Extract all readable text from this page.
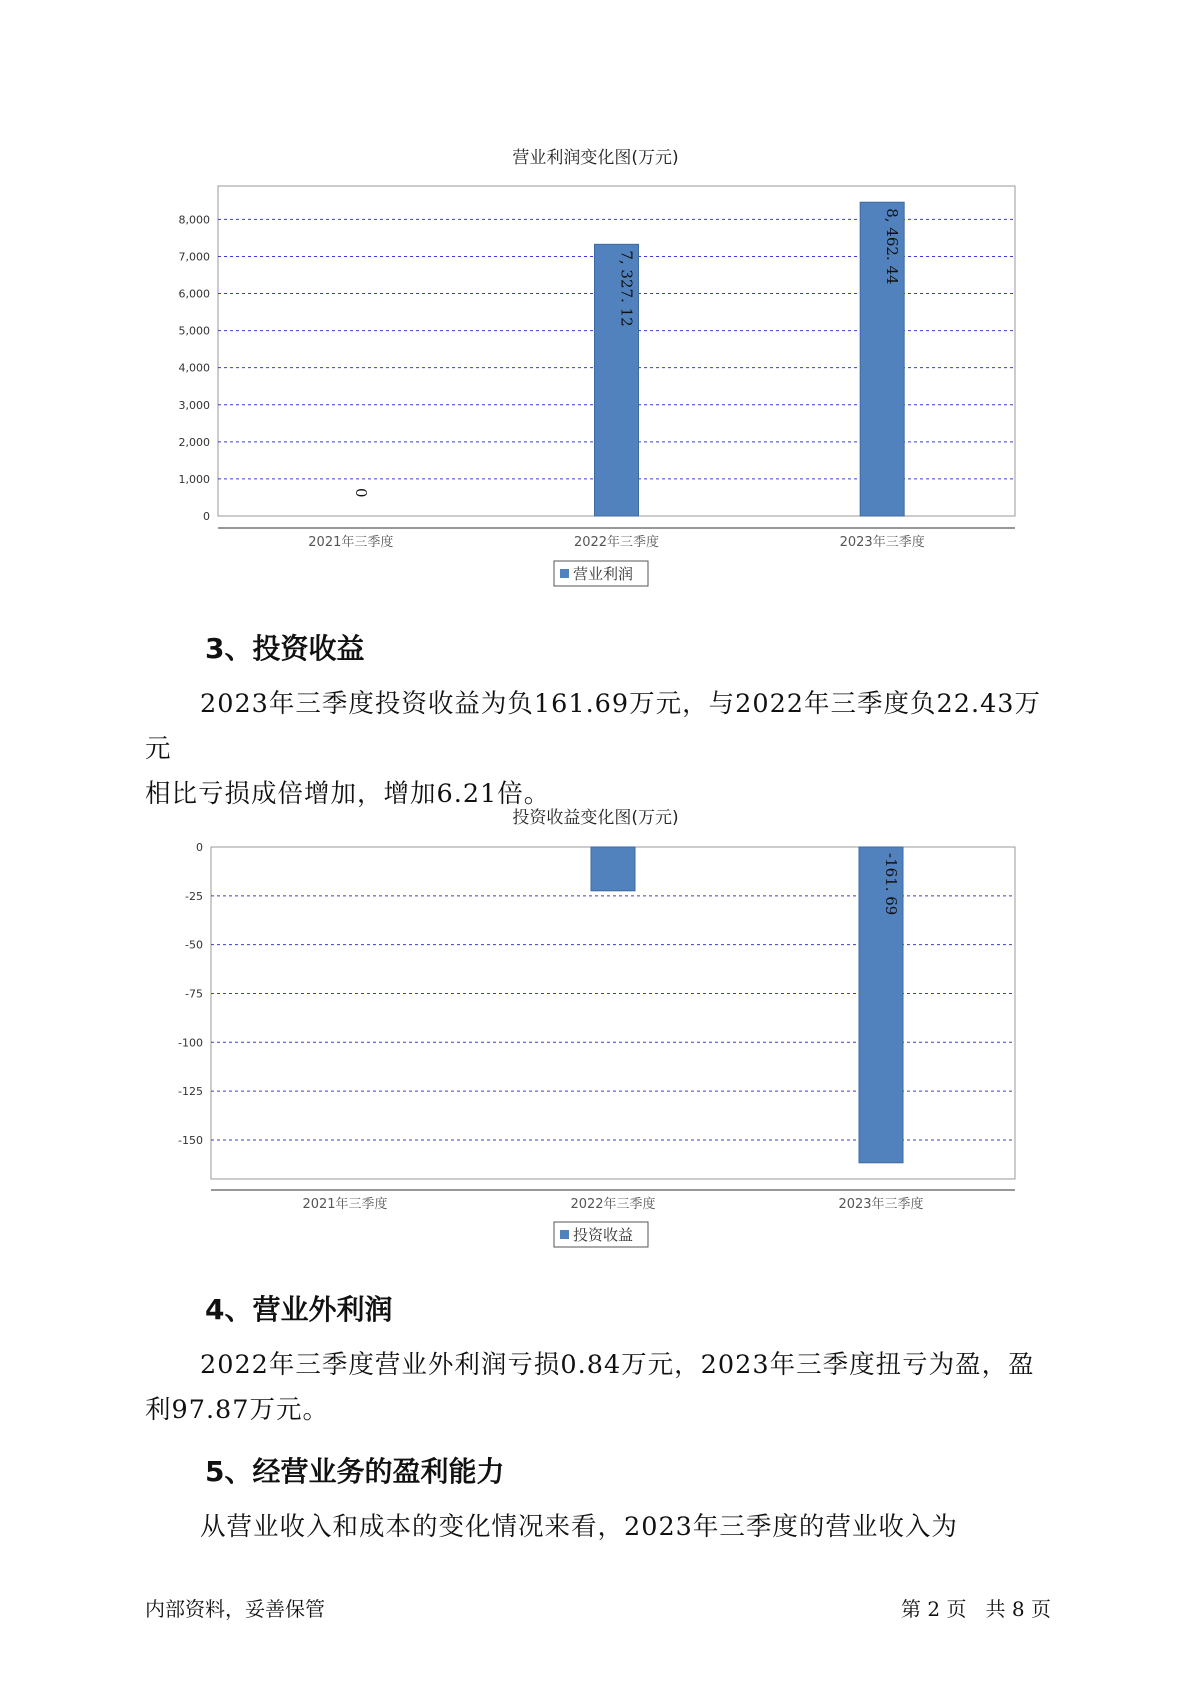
营业利润变化图(万元)
0
1,000
2,000
3,000
4,000
5,000
6,000
7,000
8,000
0
2021年三季度
7, 327. 12
2022年三季度
8, 462. 44
2023年三季度
营业利润
3、投资收益
2023年三季度投资收益为负161.69万元，与2022年三季度负22.43万元
相比亏损成倍增加，增加6.21倍。
投资收益变化图(万元)
0
-25
-50
-75
-100
-125
-150
2021年三季度	2022年三季度
-161. 69
2023年三季度
投资收益
4、营业外利润
2022年三季度营业外利润亏损0.84万元，2023年三季度扭亏为盈，盈
利97.87万元。
5、经营业务的盈利能力
从营业收入和成本的变化情况来看，2023年三季度的营业收入为
内部资料，妥善保管	第 2 页   共 8 页
